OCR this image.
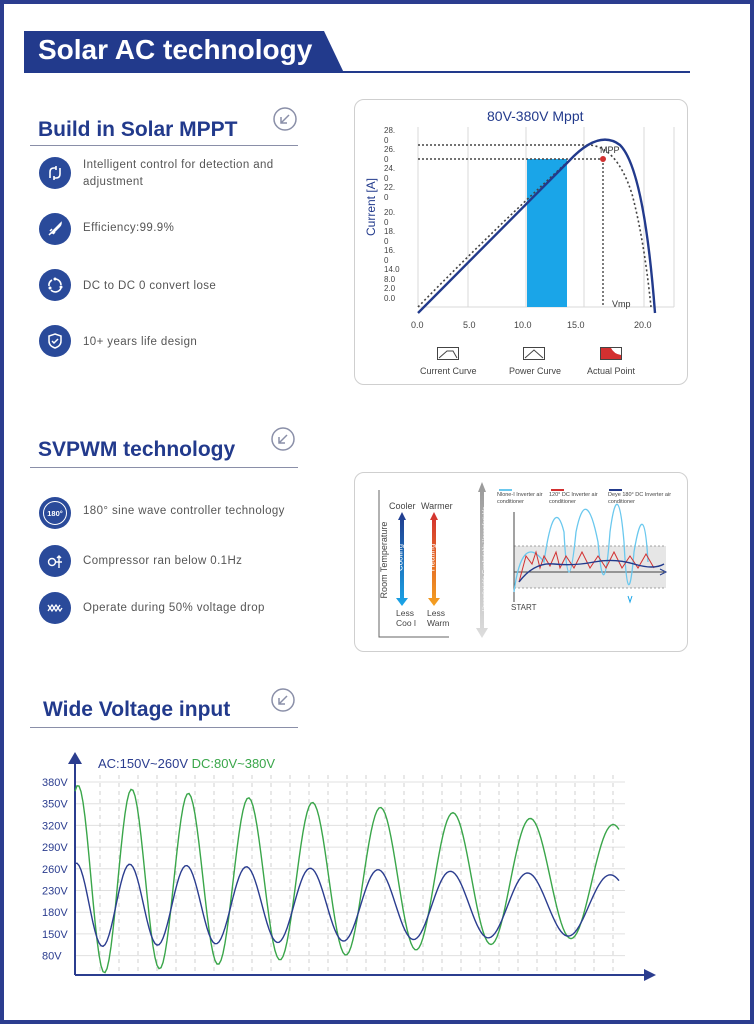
Solar AC technology
Build in Solar MPPT
Intelligent control for detection and adjustment
Efficiency:99.9%
DC to DC 0 convert lose
10+ years life design
80V-380V Mppt
MPP
Vmp
Current [A]
28.
0
26.
0
24.
0
22.
0
20.
0
18.
0
16.
0
14.0
8.0
2.0
0.0
0.0	5.0	10.0	15.0	20.0
Current Curve	Power Curve	Actual Point
SVPWM technology
180°	180° sine wave controller technology
Compressor ran below 0.1Hz
Operate during 50% voltage drop
Room Temperature
Cooler Warmer
Cooling	Heating
Less Coo l
Less Warm
Uncomfortable Comfortable Uncomfortable
Nlone-I Inverter air conditioner
120° DC Inverter air conditioner
Deye 180° DC Inverter air conditioner
START
Wide Voltage input
AC:150V~260V DC:80V~380V
380V
350V
320V
290V
260V
230V
180V
150V
80V
